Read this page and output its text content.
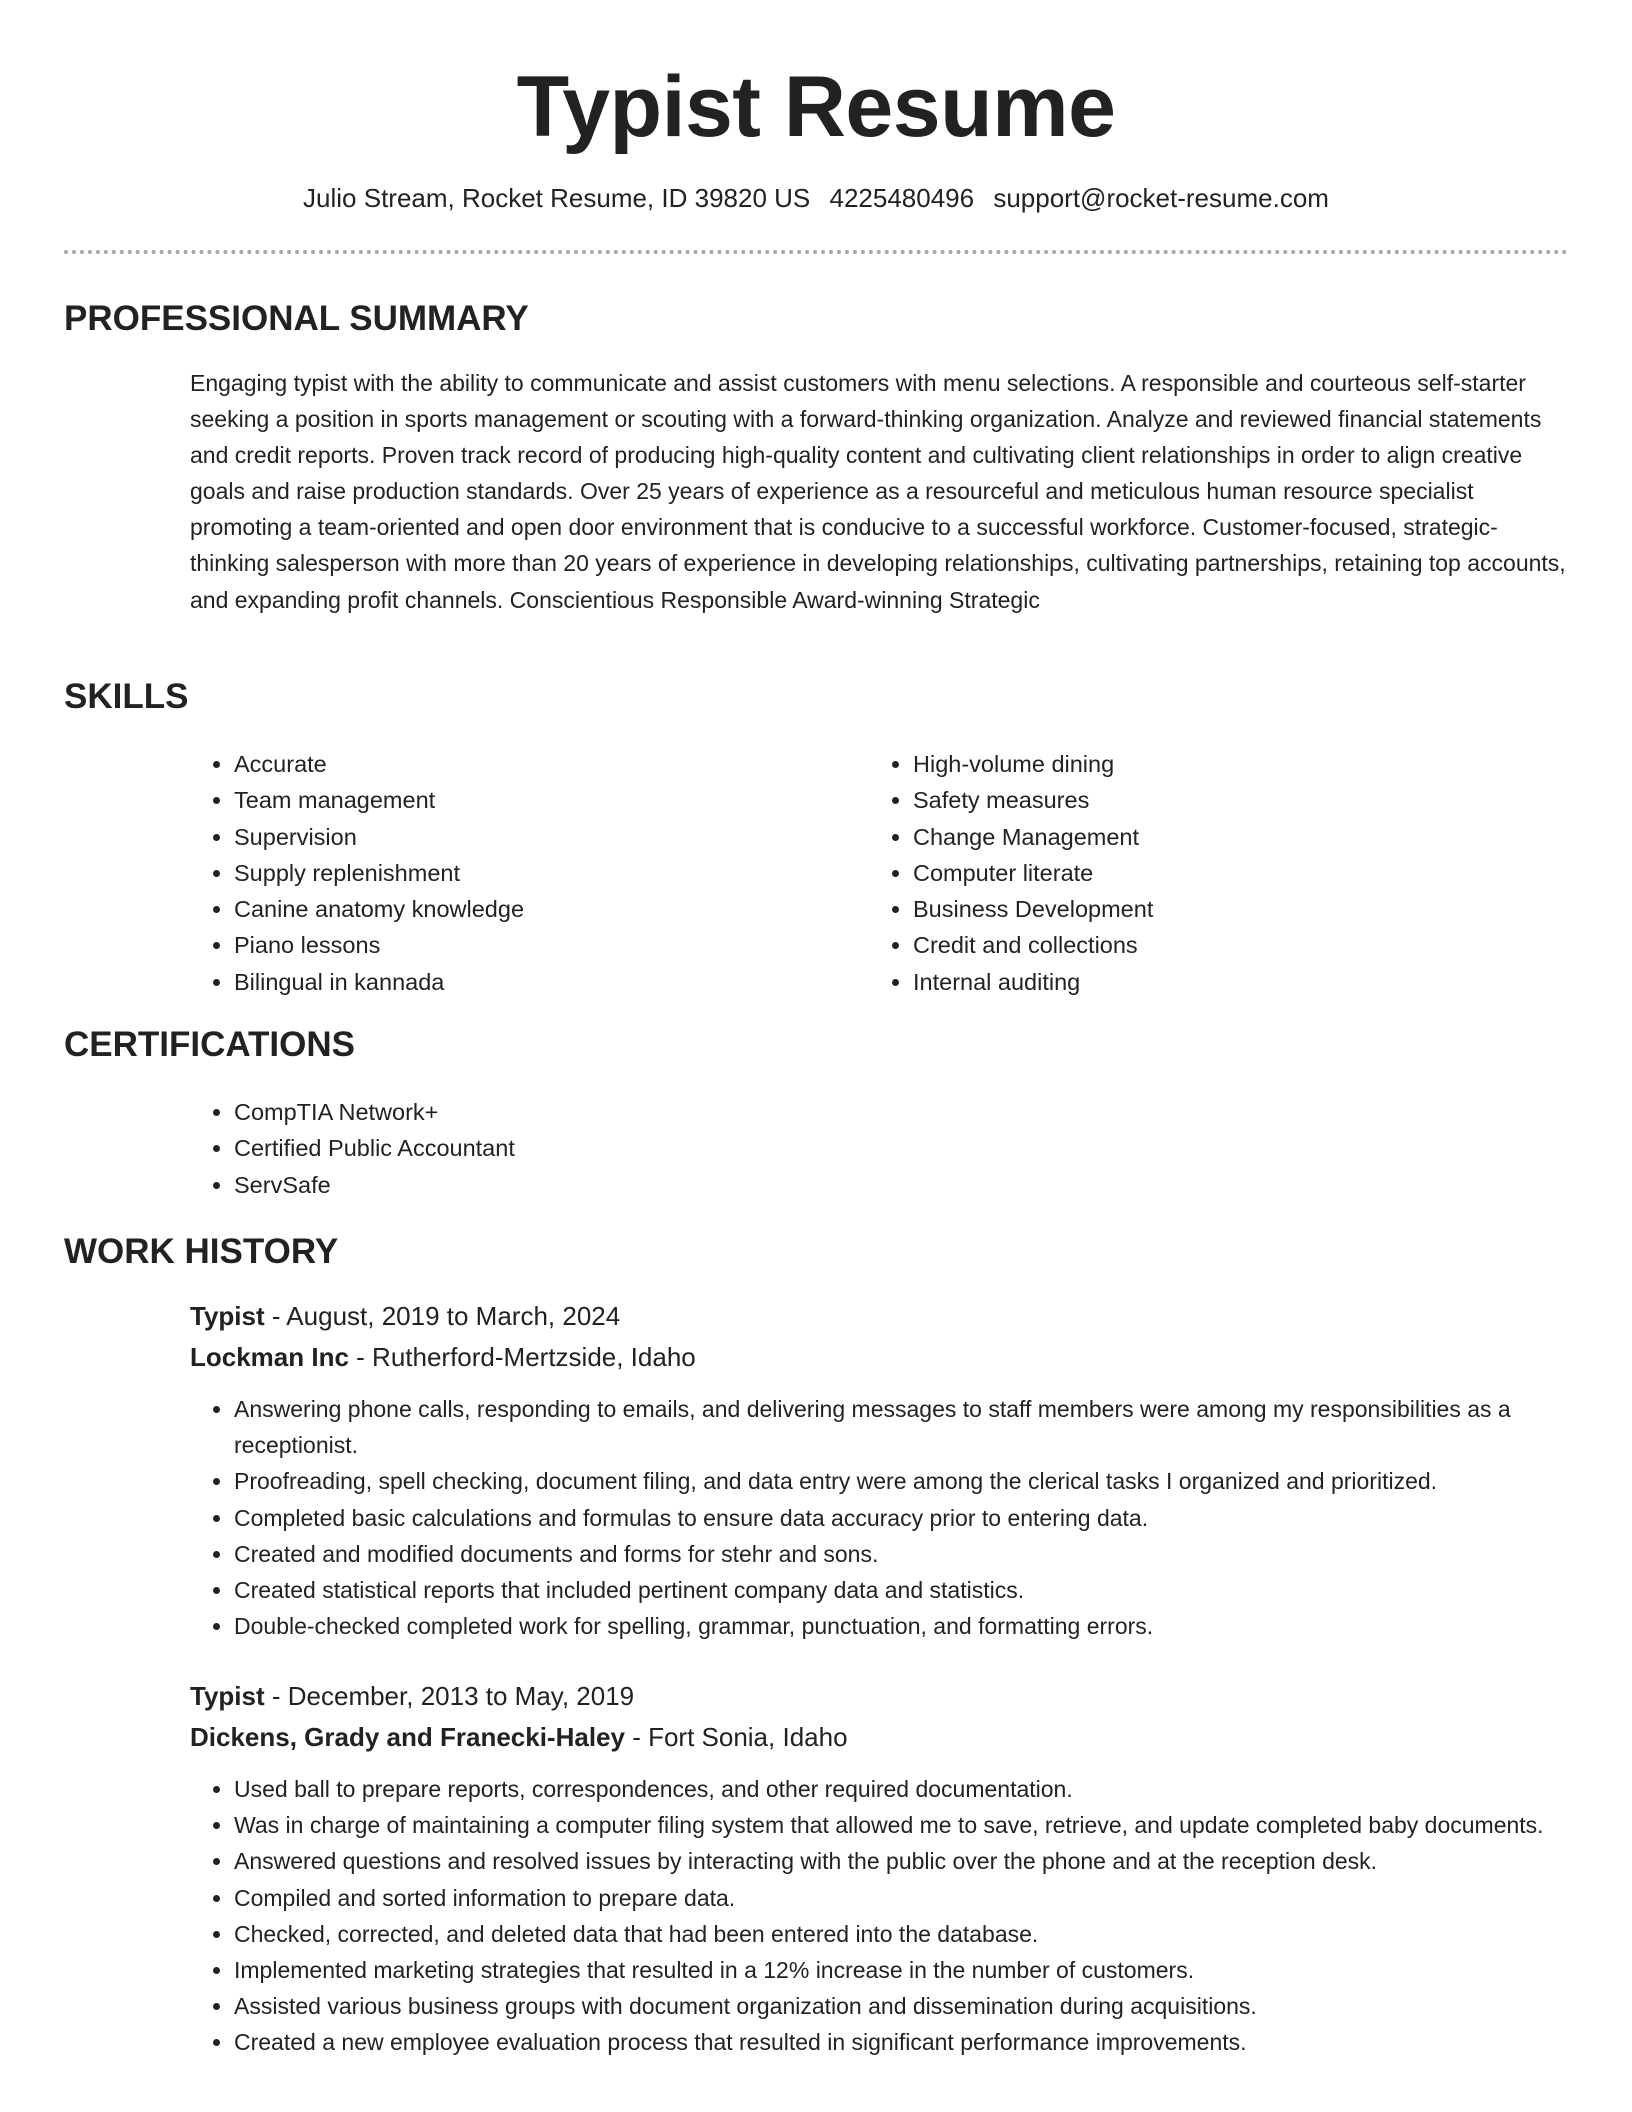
Typist Resume
Julio Stream, Rocket Resume, ID 39820 US 4225480496 support@rocket-resume.com
PROFESSIONAL SUMMARY

Engaging typist with the ability to communicate and assist customers with menu selections. A responsible and courteous self-starter seeking a position in sports management or scouting with a forward-thinking organization. Analyze and reviewed financial statements and credit reports. Proven track record of producing high-quality content and cultivating client relationships in order to align creative goals and raise production standards. Over 25 years of experience as a resourceful and meticulous human resource specialist promoting a team-oriented and open door environment that is conducive to a successful workforce. Customer-focused, strategic-thinking salesperson with more than 20 years of experience in developing relationships, cultivating partnerships, retaining top accounts, and expanding profit channels. Conscientious Responsible Award-winning Strategic

SKILLS
• Accurate
• Team management
• Supervision
• Supply replenishment
• Canine anatomy knowledge
• Piano lessons
• Bilingual in kannada
• High-volume dining
• Safety measures
• Change Management
• Computer literate
• Business Development
• Credit and collections
• Internal auditing
CERTIFICATIONS
• CompTIA Network+
• Certified Public Accountant
• ServSafe
WORK HISTORY
Typist - August, 2019 to March, 2024
Lockman Inc - Rutherford-Mertzside, Idaho
• Answering phone calls, responding to emails, and delivering messages to staff members were among my responsibilities as a receptionist.
• Proofreading, spell checking, document filing, and data entry were among the clerical tasks I organized and prioritized.
• Completed basic calculations and formulas to ensure data accuracy prior to entering data.
• Created and modified documents and forms for stehr and sons.
• Created statistical reports that included pertinent company data and statistics.
• Double-checked completed work for spelling, grammar, punctuation, and formatting errors.
Typist - December, 2013 to May, 2019
Dickens, Grady and Franecki-Haley - Fort Sonia, Idaho
• Used ball to prepare reports, correspondences, and other required documentation.
• Was in charge of maintaining a computer filing system that allowed me to save, retrieve, and update completed baby documents.
• Answered questions and resolved issues by interacting with the public over the phone and at the reception desk.
• Compiled and sorted information to prepare data.
• Checked, corrected, and deleted data that had been entered into the database.
• Implemented marketing strategies that resulted in a 12% increase in the number of customers.
• Assisted various business groups with document organization and dissemination during acquisitions.
• Created a new employee evaluation process that resulted in significant performance improvements.
